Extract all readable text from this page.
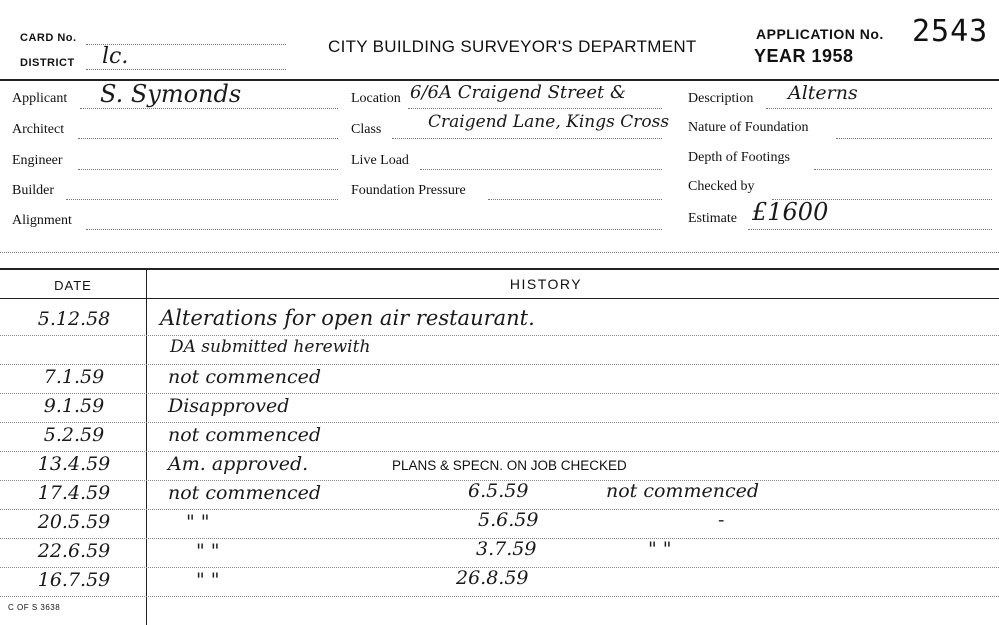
CARD No.
DISTRICT lc.	CITY BUILDING SURVEYOR'S DEPARTMENT
APPLICATION No. 2543
YEAR 1958
Applicant S. Symonds
Architect
Engineer
Builder
Alignment
Location 6/6A Craigend Street &
Class	Craigend Lane, Kings Cross
Live Load
Foundation Pressure
Description Alterns
Nature of Foundation
Depth of Footings
Checked by
Estimate £1600
DATE	HISTORY
5.12.58	Alterations for open air restaurant.
DA submitted herewith
7.1.59	not commenced
9.1.59	Disapproved
5.2.59	not commenced
13.4.59	Am. approved.	PLANS & SPECN. ON JOB CHECKED
17.4.59	not commenced	6.5.59	not commenced
20.5.59	" "	5.6.59	-
22.6.59	" "	3.7.59	" "
16.7.59	" "	26.8.59
C OF S 3638
